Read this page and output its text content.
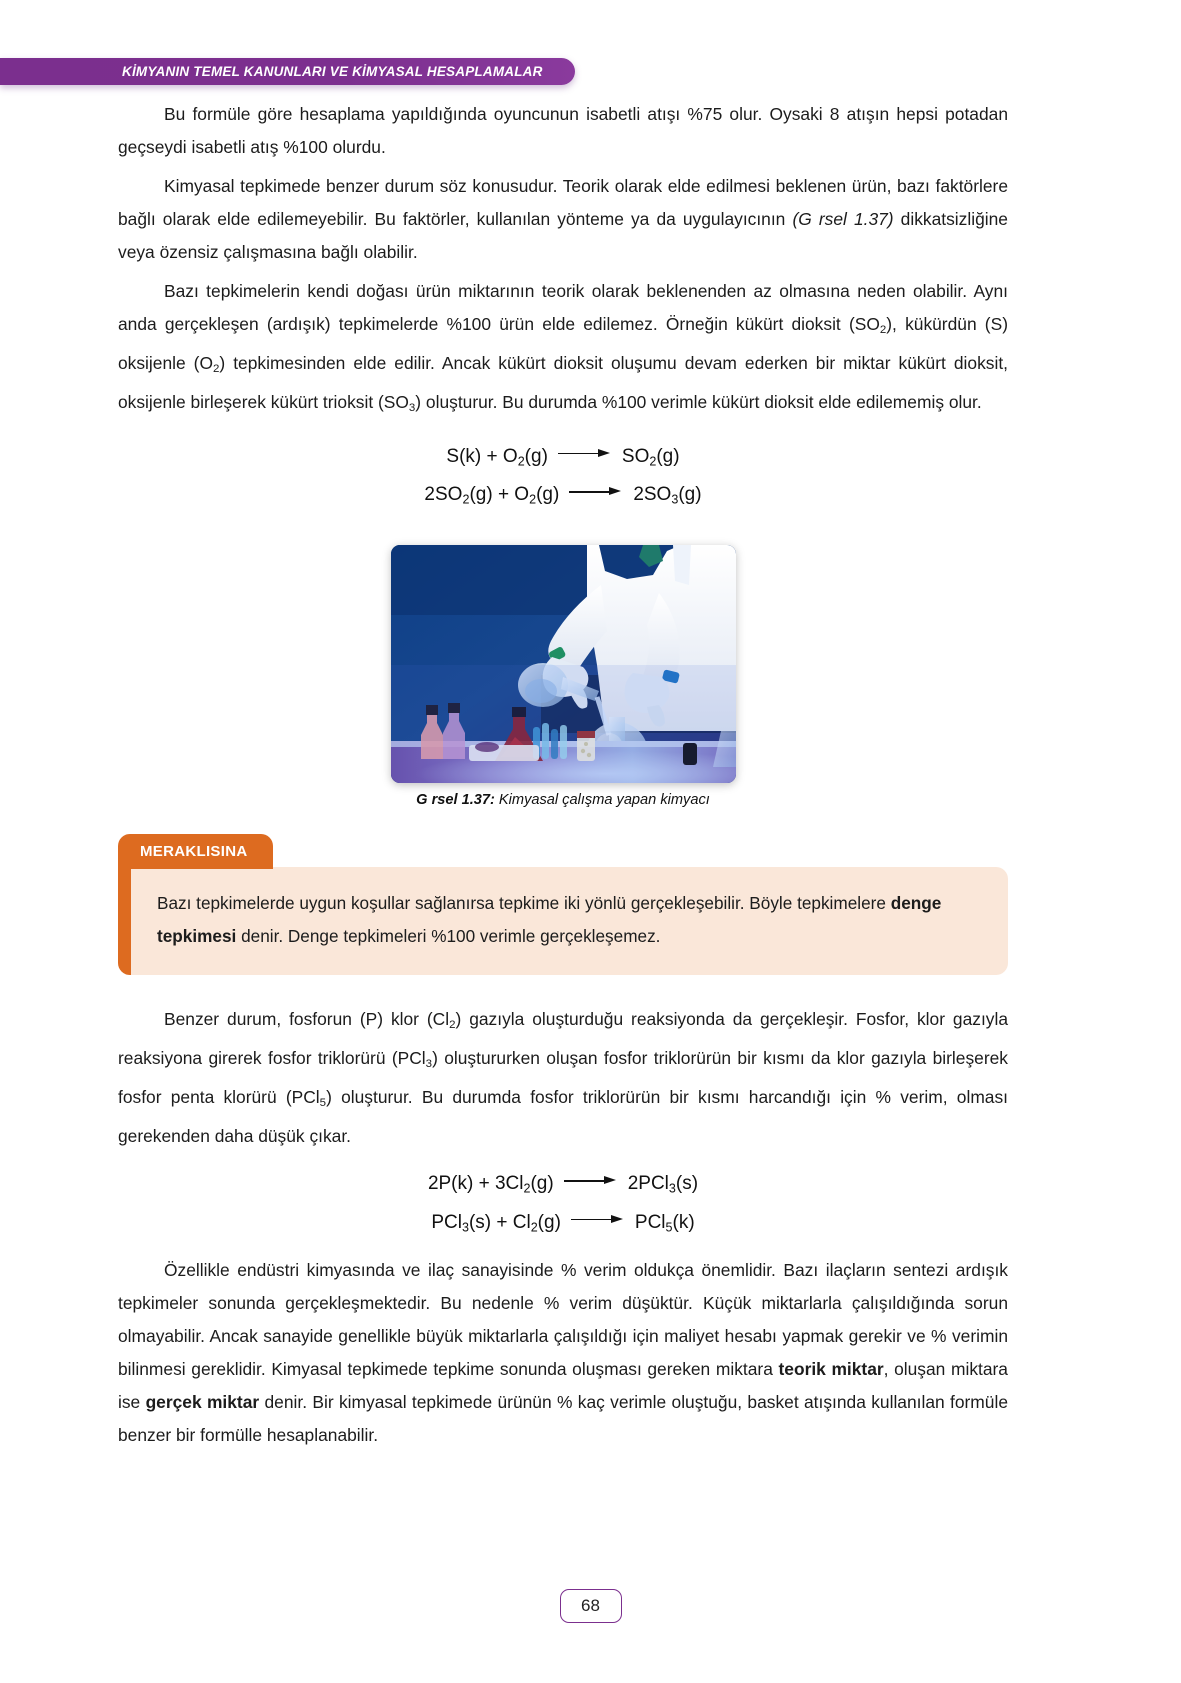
KİMYANIN TEMEL KANUNLARI VE KİMYASAL HESAPLAMALAR

Bu formüle göre hesaplama yapıldığında oyuncunun isabetli atışı %75 olur. Oysaki 8 atışın hepsi potadan geçseydi isabetli atış %100 olurdu.

Kimyasal tepkimede benzer durum söz konusudur. Teorik olarak elde edilmesi beklenen ürün, bazı faktörlere bağlı olarak elde edilemeyebilir. Bu faktörler, kullanılan yönteme ya da uygulayıcının (G rsel 1.37) dikkatsizliğine veya özensiz çalışmasına bağlı olabilir.

Bazı tepkimelerin kendi doğası ürün miktarının teorik olarak beklenenden az olmasına neden olabilir. Aynı anda gerçekleşen (ardışık) tepkimelerde %100 ürün elde edilemez. Örneğin kükürt dioksit $(SO_2)$, kükürdün (S) oksijenle $(O_2)$ tepkimesinden elde edilir. Ancak kükürt dioksit oluşumu devam ederken bir miktar kükürt dioksit, oksijenle birleşerek kükürt trioksit $(SO_3)$ oluşturur. Bu durumda %100 verimle kükürt dioksit elde edilememiş olur.

$S(k) + O_2(g)$	$SO_2(g)$
$2SO_2(g) + O_2(g)$	$2SO_3(g)$
G rsel 1.37: Kimyasal çalışma yapan kimyacı
MERAKLISINA

Bazı tepkimelerde uygun koşullar sağlanırsa tepkime iki yönlü gerçekleşebilir. Böyle tepkimelere denge tepkimesi denir. Denge tepkimeleri %100 verimle gerçekleşemez.

Benzer durum, fosforun (P) klor $(Cl_2)$ gazıyla oluşturduğu reaksiyonda da gerçekleşir. Fosfor, klor gazıyla reaksiyona girerek fosfor triklorürü (PCl$_3$) oluştururken oluşan fosfor triklorürün bir kısmı da klor gazıyla birleşerek fosfor penta klorürü (PCl$_5$) oluşturur. Bu durumda fosfor triklorürün bir kısmı harcandığı için % verim, olması gerekenden daha düşük çıkar.

$2P(k) + 3Cl_2(g)$	2PCl$_3$(s)
$PCl_3(s) + Cl_2(g)$	PCl$_5$(k)

Özellikle endüstri kimyasında ve ilaç sanayisinde % verim oldukça önemlidir. Bazı ilaçların sentezi ardışık tepkimeler sonunda gerçekleşmektedir. Bu nedenle % verim düşüktür. Küçük miktarlarla çalışıldığında sorun olmayabilir. Ancak sanayide genellikle büyük miktarlarla çalışıldığı için maliyet hesabı yapmak gerekir ve % verimin bilinmesi gereklidir. Kimyasal tepkimede tepkime sonunda oluşması gereken miktara teorik miktar, oluşan miktara ise gerçek miktar denir. Bir kimyasal tepkimede ürünün % kaç verimle oluştuğu, basket atışında kullanılan formüle benzer bir formülle hesaplanabilir.

68
